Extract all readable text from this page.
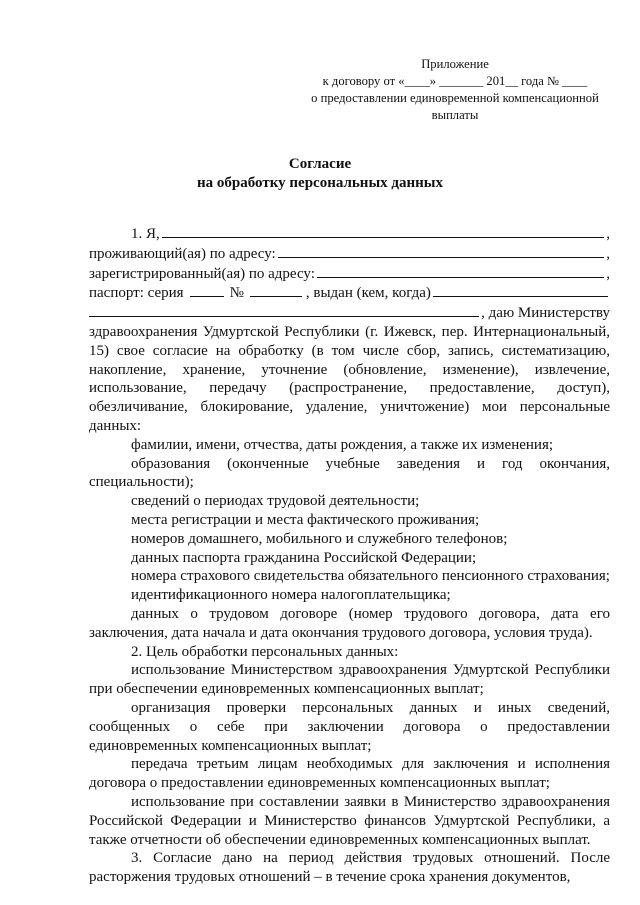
Приложение
к договору от «____» _______ 201__ года № ____
о предоставлении единовременной компенсационной
выплаты
Согласие
на обработку персональных данных
1. Я,	,
проживающий(ая) по адресу:	,
зарегистрированный(ая) по адресу:	,
паспорт: серия	№	, выдан (кем, когда)
, даю Министерству

здравоохранения Удмуртской Республики (г. Ижевск, пер. Интернациональный, 15) свое согласие на обработку (в том числе сбор, запись, систематизацию, накопление, хранение, уточнение (обновление, изменение), извлечение, использование, передачу (распространение, предоставление, доступ), обезличивание, блокирование, удаление, уничтожение) мои персональные данных:

фамилии, имени, отчества, даты рождения, а также их изменения;

образования (оконченные учебные заведения и год окончания, специальности);

сведений о периодах трудовой деятельности;

места регистрации и места фактического проживания;

номеров домашнего, мобильного и служебного телефонов;

данных паспорта гражданина Российской Федерации;

номера страхового свидетельства обязательного пенсионного страхования;

идентификационного номера налогоплательщика;

данных о трудовом договоре (номер трудового договора, дата его заключения, дата начала и дата окончания трудового договора, условия труда).

2. Цель обработки персональных данных:

использование Министерством здравоохранения Удмуртской Республики при обеспечении единовременных компенсационных выплат;

организация проверки персональных данных и иных сведений, сообщенных о себе при заключении договора о предоставлении единовременных компенсационных выплат;

передача третьим лицам необходимых для заключения и исполнения договора о предоставлении единовременных компенсационных выплат;

использование при составлении заявки в Министерство здравоохранения Российской Федерации и Министерство финансов Удмуртской Республики, а также отчетности об обеспечении единовременных компенсационных выплат.

3. Согласие дано на период действия трудовых отношений. После расторжения трудовых отношений – в течение срока хранения документов,
